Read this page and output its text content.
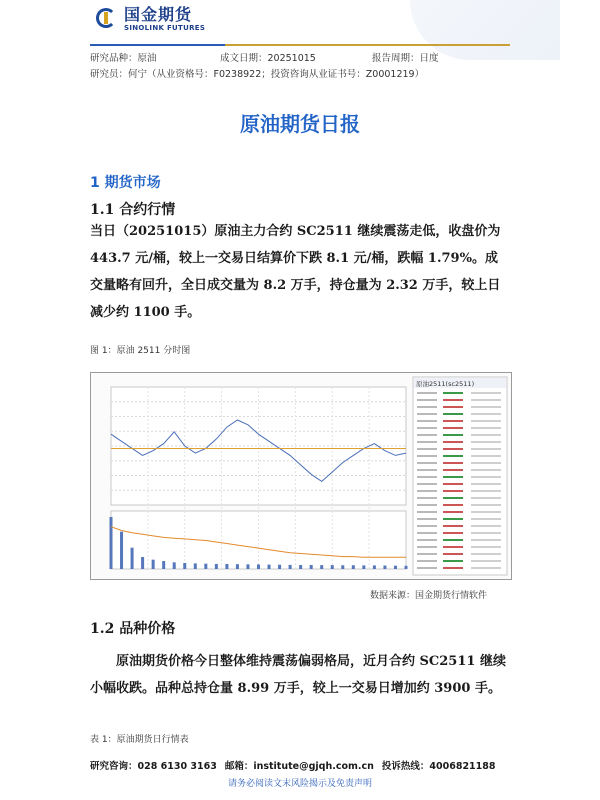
国金期货
SINOLINK FUTURES
研究品种：原油	成文日期：20251015	报告周期：日度
研究员：何宁（从业资格号：F0238922；投资咨询从业证书号：Z0001219）
原油期货日报
1 期货市场
1.1 合约行情
当日（20251015）原油主力合约 SC2511 继续震荡走低，收盘价为 443.7 元/桶，较上一交易日结算价下跌 8.1 元/桶，跌幅 1.79%。成交量略有回升，全日成交量为 8.2 万手，持仓量为 2.32 万手，较上日减少约 1100 手。
图 1：原油 2511 分时图
原油2511(sc2511)
数据来源：国金期货行情软件
1.2 品种价格
原油期货价格今日整体维持震荡偏弱格局，近月合约 SC2511 继续小幅收跌。品种总持仓量 8.99 万手，较上一交易日增加约 3900 手。
表 1：原油期货日行情表
研究咨询：028 6130 3163 邮箱：institute@gjqh.com.cn 投诉热线：4006821188
请务必阅读文末风险揭示及免责声明
